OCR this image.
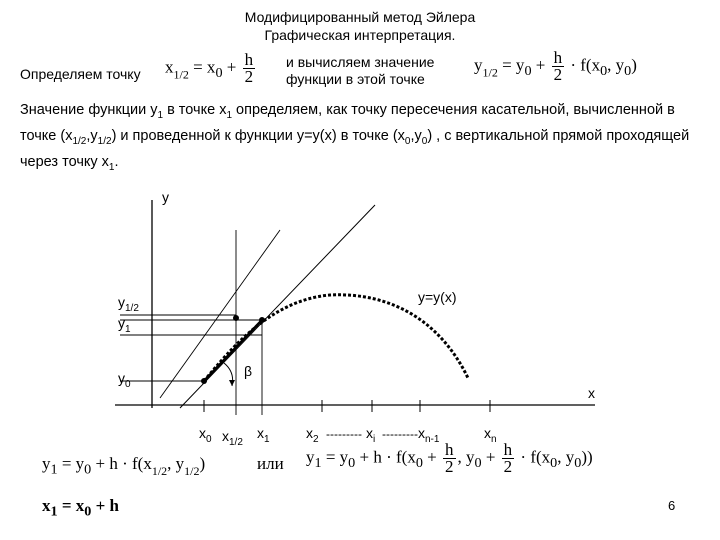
Модифицированный метод Эйлера
Графическая интерпретация.
Определяем точку $x_{1/2} = x_0 + \frac{h}{2}$ и вычисляем значение
функции в этой точке
$y_{1/2} = y_0 + \frac{h}{2} \cdot f(x_0$, $y_0$)
Значение функции $y_1$ в точке $x_1$ определяем, как точку пересечения касательной, вычисленной в точке $(x_{1/2},y_{1/2})$ и проведенной к функции y=y(x) в точке $(x_0,y_0)$ , с вертикальной прямой проходящей через точку $x_1$.
y
x
y=y(x)
β
$y_{1/2}$
$y_1$
$y_0$
$x_0$ $x_{1/2}$
$x_1$	$x_2$ --------- $x_i$ --------- $x_{n-1}$	$x_n$
$y_1 = y_0 + h \cdot f(x_{1/2}$, $y_{1/2}$)	или $y_1 = y_0 + h \cdot f(x_0 + \frac{h}{2}$ , $y_0 + \frac{h}{2} \cdot f(x_0$, $y_0$))
$x_1 = x_0 + h$	6
